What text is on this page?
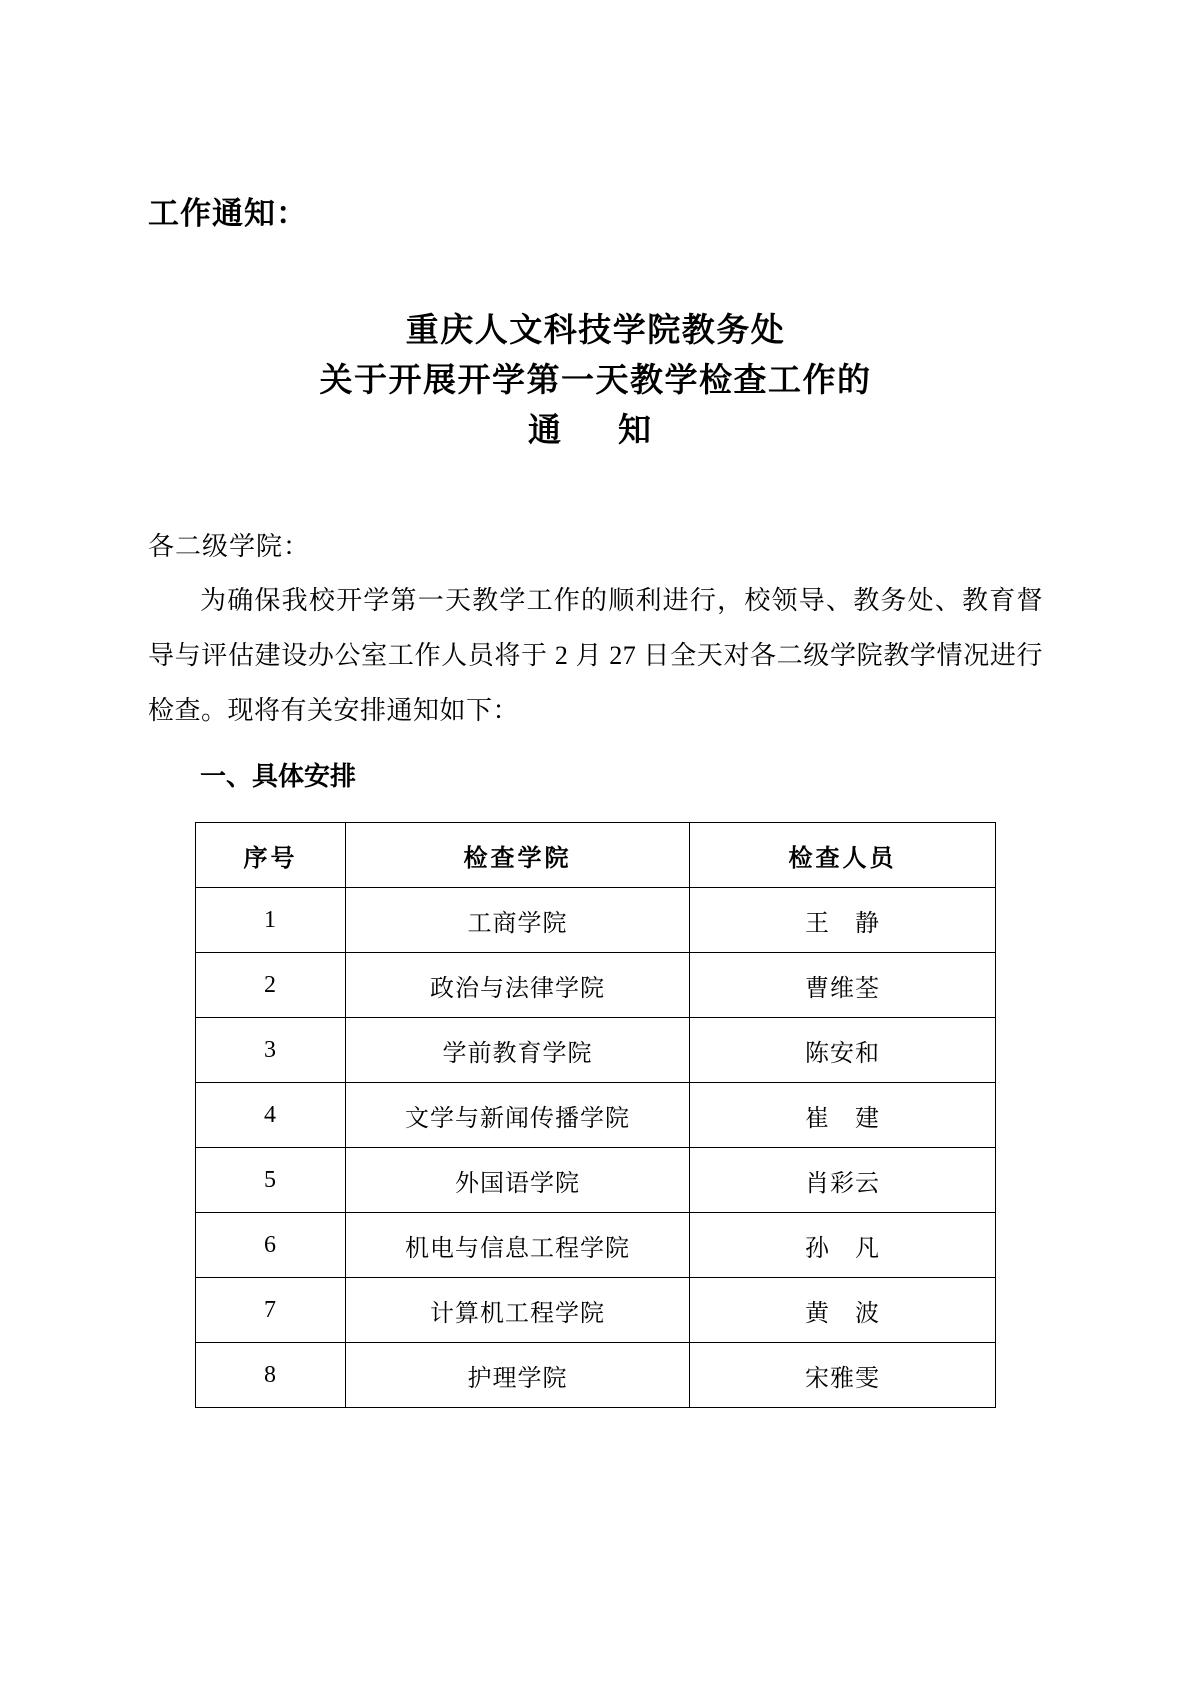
工作通知：
重庆人文科技学院教务处
关于开展开学第一天教学检查工作的
通　知
各二级学院：
为确保我校开学第一天教学工作的顺利进行，校领导、教务处、教育督导与评估建设办公室工作人员将于 2 月 27 日全天对各二级学院教学情况进行检查。现将有关安排通知如下：
一、具体安排
序号	检查学院	检查人员
1	工商学院	王　静
2	政治与法律学院	曹维荃
3	学前教育学院	陈安和
4	文学与新闻传播学院	崔　建
5	外国语学院	肖彩云
6	机电与信息工程学院	孙　凡
7	计算机工程学院	黄　波
8	护理学院	宋雅雯
